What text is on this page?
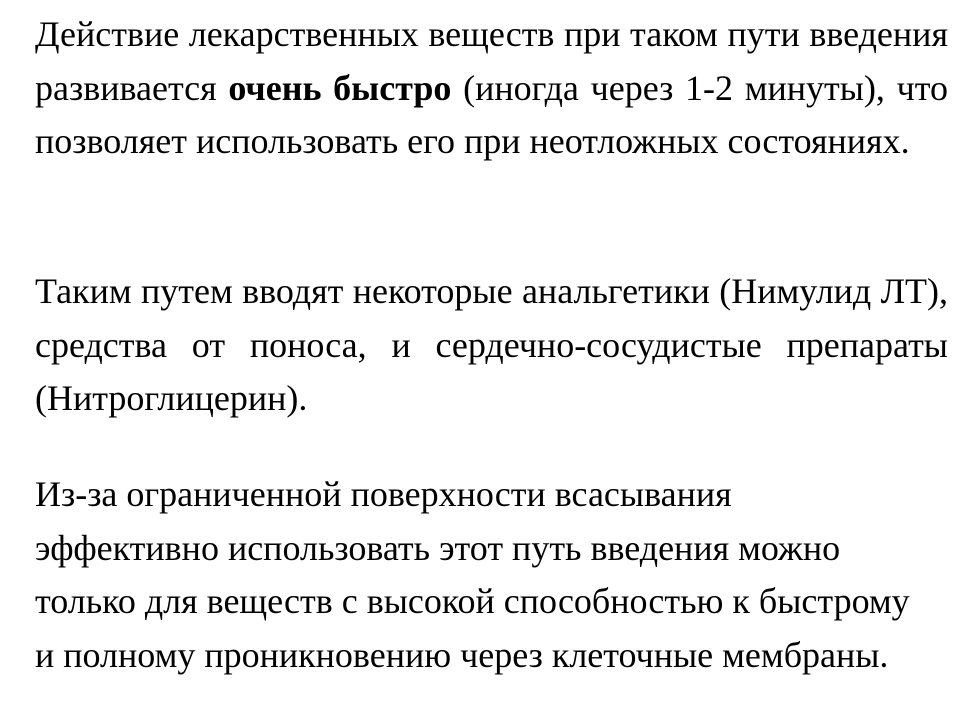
Действие лекарственных веществ при таком пути введения развивается очень быстро (иногда через 1-2 минуты), что позволяет использовать его при неотложных состояниях.

Таким путем вводят некоторые анальгетики (Нимулид ЛТ), средства от поноса, и сердечно-сосудистые препараты (Нитроглицерин).

Из-за ограниченной поверхности всасывания эффективно использовать этот путь введения можно только для веществ с высокой способностью к быстрому и полному проникновению через клеточные мембраны.
